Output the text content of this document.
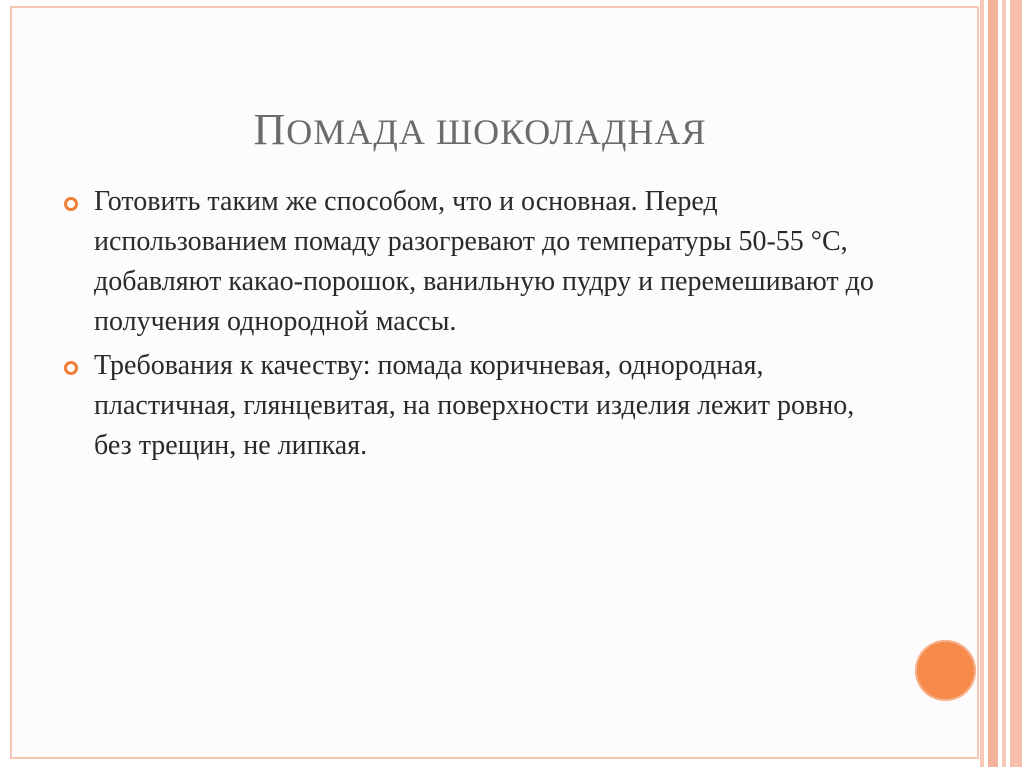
ПОМАДА ШОКОЛАДНАЯ
Готовить таким же способом, что и основная. Перед использованием помаду разогревают до температуры 50-55 °С, добавляют какао-порошок, ванильную пудру и перемешивают до получения однородной массы.
Требования к качеству: помада коричневая, однородная, пластичная, глянцевитая, на поверхности изделия лежит ровно, без трещин, не липкая.
